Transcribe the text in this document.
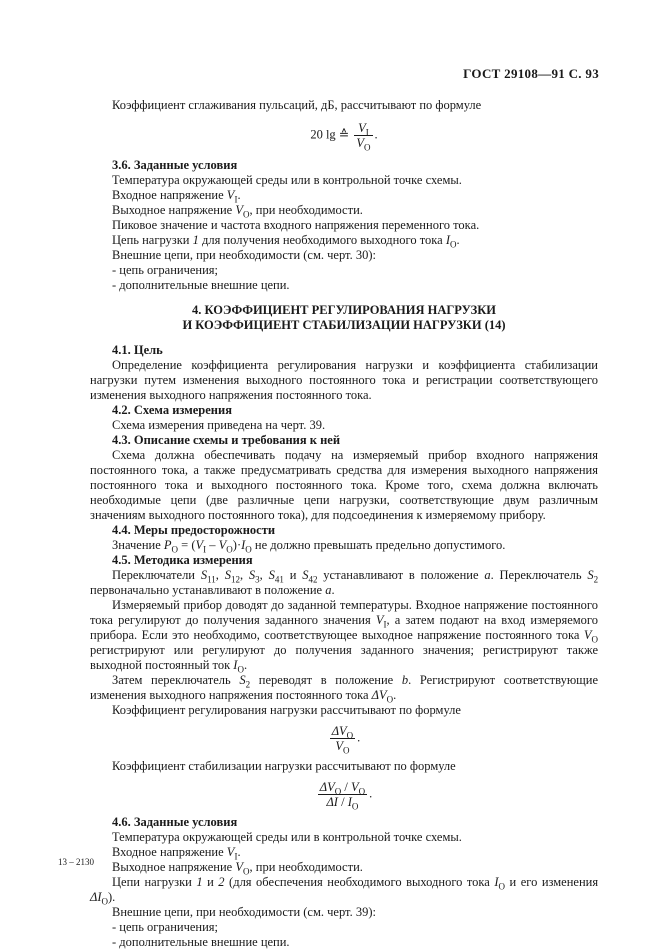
ГОСТ 29108—91 С. 93

Коэффициент сглаживания пульсаций, дБ, рассчитывают по формуле

20 lg ≙ $\frac{V_I}{V_O}$ .

3.6. Заданные условия

Температура окружающей среды или в контрольной точке схемы.

Входное напряжение $V_I$.

Выходное напряжение $V_O$, при необходимости.

Пиковое значение и частота входного напряжения переменного тока.

Цепь нагрузки 1 для получения необходимого выходного тока $I_O$.

Внешние цепи, при необходимости (см. черт. 30):

- цепь ограничения;

- дополнительные внешние цепи.

4. КОЭФФИЦИЕНТ РЕГУЛИРОВАНИЯ НАГРУЗКИ

И КОЭФФИЦИЕНТ СТАБИЛИЗАЦИИ НАГРУЗКИ (14)

4.1. Цель

Определение коэффициента регулирования нагрузки и коэффициента стабилизации нагрузки путем изменения выходного постоянного тока и регистрации соответствующего изменения выходного напряжения постоянного тока.

4.2. Схема измерения

Схема измерения приведена на черт. 39.

4.3. Описание схемы и требования к ней

Схема должна обеспечивать подачу на измеряемый прибор входного напряжения постоянного тока, а также предусматривать средства для измерения выходного напряжения постоянного тока и выходного постоянного тока. Кроме того, схема должна включать необходимые цепи (две различные цепи нагрузки, соответствующие двум различным значениям выходного постоянного тока), для подсоединения к измеряемому прибору.

4.4. Меры предосторожности

Значение $P_O = (V_I - V_O)\cdot I_O$ не должно превышать предельно допустимого.

4.5. Методика измерения

Переключатели $S_{11}$, $S_{12}$, $S_3$, $S_{41}$ и $S_{42}$ устанавливают в положение a. Переключатель $S_2$ первоначально устанавливают в положение a.

Измеряемый прибор доводят до заданной температуры. Входное напряжение постоянного тока регулируют до получения заданного значения $V_I$, а затем подают на вход измеряемого прибора. Если это необходимо, соответствующее выходное напряжение постоянного тока $V_O$ регистрируют или регулируют до получения заданного значения; регистрируют также выходной постоянный ток $I_O$.

Затем переключатель $S_2$ переводят в положение b. Регистрируют соответствующие изменения выходного напряжения постоянного тока $\Delta V_O$.

Коэффициент регулирования нагрузки рассчитывают по формуле

$\frac{\Delta V_O}{V_O}$ .

Коэффициент стабилизации нагрузки рассчитывают по формуле

$\frac{\Delta V_O / V_O}{\Delta I / I_O}$ .

4.6. Заданные условия

Температура окружающей среды или в контрольной точке схемы.

Входное напряжение $V_I$.

Выходное напряжение $V_O$, при необходимости.

Цепи нагрузки 1 и 2 (для обеспечения необходимого выходного тока $I_O$ и его изменения $\Delta I_O$).

Внешние цепи, при необходимости (см. черт. 39):

- цепь ограничения;

- дополнительные внешние цепи.

13 – 2130
